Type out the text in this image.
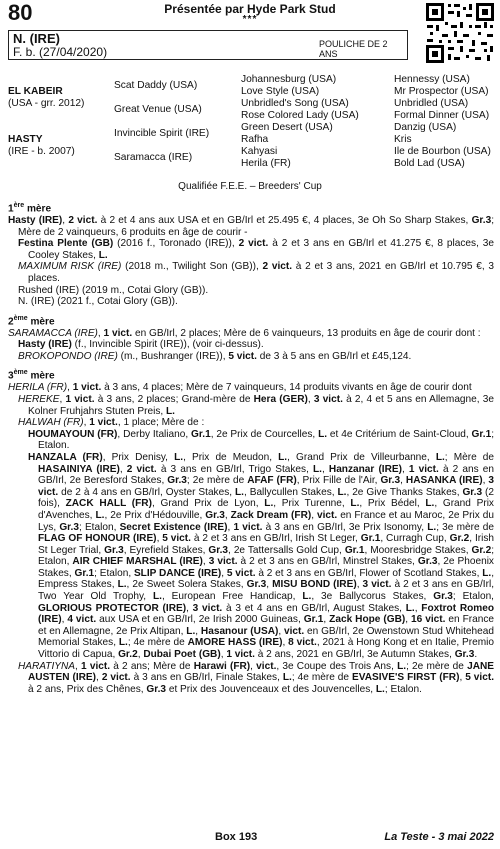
80	Présentée par Hyde Park Stud
***
N. (IRE)
F. b. (27/04/2020)
POULICHE DE 2 ANS
EL KABEIR
(USA - grr. 2012)
HASTY
(IRE - b. 2007)
Scat Daddy (USA)
Great Venue (USA)
Invincible Spirit (IRE)
Saramacca (IRE)
Johannesburg (USA)
Love Style (USA)
Unbridled's Song (USA)
Rose Colored Lady (USA)
Green Desert (USA)
Rafha
Kahyasi
Herila (FR)
Hennessy (USA)
Mr Prospector (USA)
Unbridled (USA)
Formal Dinner (USA)
Danzig (USA)
Kris
Ile de Bourbon (USA)
Bold Lad (USA)
Qualifiée F.E.E. – Breeders' Cup
1ère mère
Hasty (IRE), 2 vict. à 2 et 4 ans aux USA et en GB/Irl et 25.495 €, 4 places, 3e Oh So Sharp Stakes, Gr.3; Mère de 2 vainqueurs, 6 produits en âge de courir -
Festina Plente (GB) (2016 f., Toronado (IRE)), 2 vict. à 2 et 3 ans en GB/Irl et 41.275 €, 8 places, 3e Cooley Stakes, L.
MAXIMUM RISK (IRE) (2018 m., Twilight Son (GB)), 2 vict. à 2 et 3 ans, 2021 en GB/Irl et 10.795 €, 3 places.
Rushed (IRE) (2019 m., Cotai Glory (GB)).
N. (IRE) (2021 f., Cotai Glory (GB)).
2ème mère
SARAMACCA (IRE), 1 vict. en GB/Irl, 2 places; Mère de 6 vainqueurs, 13 produits en âge de courir dont :
Hasty (IRE) (f., Invincible Spirit (IRE)), (voir ci-dessus).
BROKOPONDO (IRE) (m., Bushranger (IRE)), 5 vict. de 3 à 5 ans en GB/Irl et £45,124.
3ème mère
HERILA (FR), 1 vict. à 3 ans, 4 places; Mère de 7 vainqueurs, 14 produits vivants en âge de courir dont
HEREKE, 1 vict. à 3 ans, 2 places; Grand-mère de Hera (GER), 3 vict. à 2, 4 et 5 ans en Allemagne, 3e Kolner Fruhjahrs Stuten Preis, L.
HALWAH (FR), 1 vict., 1 place; Mère de :
HOUMAYOUN (FR), Derby Italiano, Gr.1, 2e Prix de Courcelles, L. et 4e Critérium de Saint-Cloud, Gr.1; Etalon.
HANZALA (FR), Prix Denisy, L., Prix de Meudon, L., Grand Prix de Villeurbanne, L.; Mère de HASAINIYA (IRE), 2 vict. à 3 ans en GB/Irl, Trigo Stakes, L., Hanzanar (IRE), 1 vict. à 2 ans en GB/Irl, 2e Beresford Stakes, Gr.3; 2e mère de AFAF (FR), Prix Fille de l'Air, Gr.3, HASANKA (IRE), 3 vict. de 2 à 4 ans en GB/Irl, Oyster Stakes, L., Ballycullen Stakes, L., 2e Give Thanks Stakes, Gr.3 (2 fois), ZACK HALL (FR), Grand Prix de Lyon, L., Prix Turenne, L., Prix Bédel, L., Grand Prix d'Avenches, L., 2e Prix d'Hédouville, Gr.3, Zack Dream (FR), vict. en France et au Maroc, 2e Prix du Lys, Gr.3; Etalon, Secret Existence (IRE), 1 vict. à 3 ans en GB/Irl, 3e Prix Isonomy, L.; 3e mère de FLAG OF HONOUR (IRE), 5 vict. à 2 et 3 ans en GB/Irl, Irish St Leger, Gr.1, Curragh Cup, Gr.2, Irish St Leger Trial, Gr.3, Eyrefield Stakes, Gr.3, 2e Tattersalls Gold Cup, Gr.1, Mooresbridge Stakes, Gr.2; Etalon, AIR CHIEF MARSHAL (IRE), 3 vict. à 2 et 3 ans en GB/Irl, Minstrel Stakes, Gr.3, 2e Phoenix Stakes, Gr.1; Etalon, SLIP DANCE (IRE), 5 vict. à 2 et 3 ans en GB/Irl, Flower of Scotland Stakes, L., Empress Stakes, L., 2e Sweet Solera Stakes, Gr.3, MISU BOND (IRE), 3 vict. à 2 et 3 ans en GB/Irl, Two Year Old Trophy, L., European Free Handicap, L., 3e Ballycorus Stakes, Gr.3; Etalon, GLORIOUS PROTECTOR (IRE), 3 vict. à 3 et 4 ans en GB/Irl, August Stakes, L., Foxtrot Romeo (IRE), 4 vict. aux USA et en GB/Irl, 2e Irish 2000 Guineas, Gr.1, Zack Hope (GB), 16 vict. en France et en Allemagne, 2e Prix Altipan, L., Hasanour (USA), vict. en GB/Irl, 2e Owenstown Stud Whitehead Memorial Stakes, L.; 4e mère de AMORE HASS (IRE), 8 vict., 2021 à Hong Kong et en Italie, Premio Vittorio di Capua, Gr.2, Dubai Poet (GB), 1 vict. à 2 ans, 2021 en GB/Irl, 3e Autumn Stakes, Gr.3.
HARATIYNA, 1 vict. à 2 ans; Mère de Harawi (FR), vict., 3e Coupe des Trois Ans, L.; 2e mère de JANE AUSTEN (IRE), 2 vict. à 3 ans en GB/Irl, Finale Stakes, L.; 4e mère de EVASIVE'S FIRST (FR), 5 vict. à 2 ans, Prix des Chênes, Gr.3 et Prix des Jouvenceaux et des Jouvencelles, L.; Etalon.
Box 193	La Teste - 3 mai 2022
